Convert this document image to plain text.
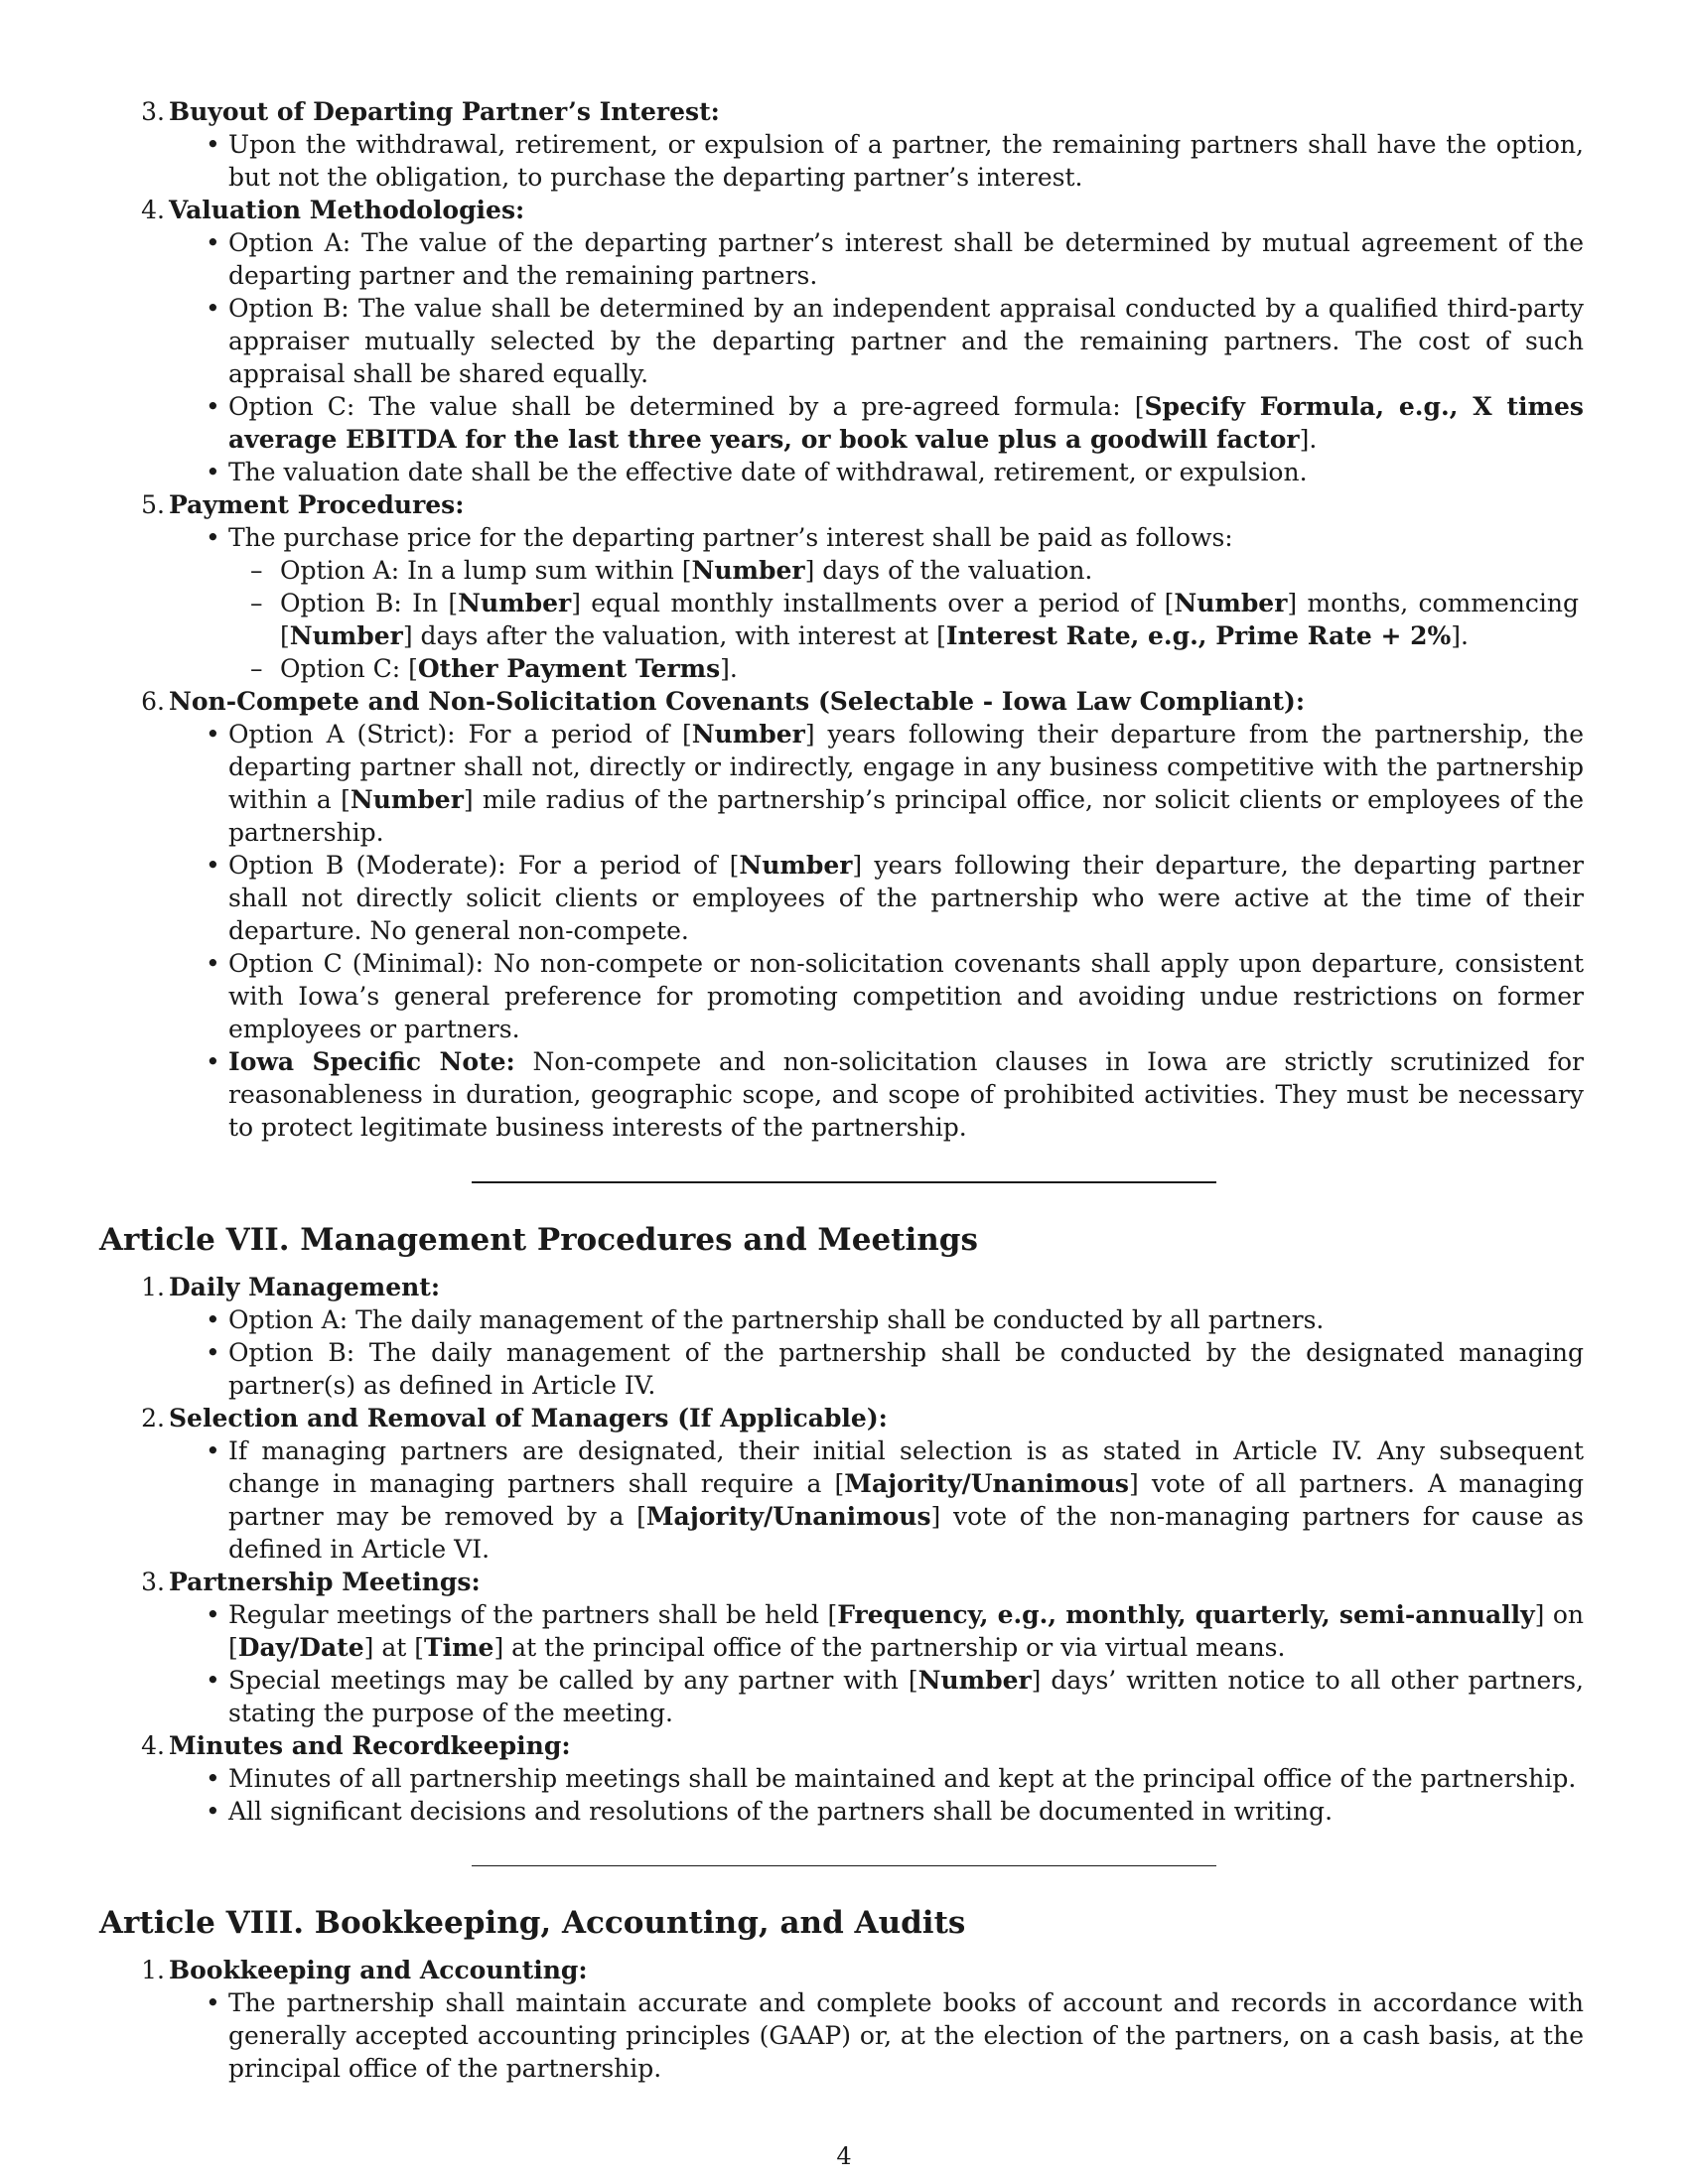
3. Buyout of Departing Partner’s Interest:
• Upon the withdrawal, retirement, or expulsion of a partner, the remaining partners shall have the option, but not the obligation, to purchase the departing partner’s interest.
4. Valuation Methodologies:
• Option A: The value of the departing partner’s interest shall be determined by mutual agreement of the departing partner and the remaining partners.
• Option B: The value shall be determined by an independent appraisal conducted by a qualified third-party appraiser mutually selected by the departing partner and the remaining partners. The cost of such appraisal shall be shared equally.
• Option C: The value shall be determined by a pre-agreed formula: [Specify Formula, e.g., X times average EBITDA for the last three years, or book value plus a goodwill factor].
• The valuation date shall be the effective date of withdrawal, retirement, or expulsion.
5. Payment Procedures:
• The purchase price for the departing partner’s interest shall be paid as follows:
– Option A: In a lump sum within [Number] days of the valuation.
– Option B: In [Number] equal monthly installments over a period of [Number] months, commencing [Number] days after the valuation, with interest at [Interest Rate, e.g., Prime Rate + 2%].
– Option C: [Other Payment Terms].
6. Non-Compete and Non-Solicitation Covenants (Selectable - Iowa Law Compliant):
• Option A (Strict): For a period of [Number] years following their departure from the partnership, the departing partner shall not, directly or indirectly, engage in any business competitive with the partnership within a [Number] mile radius of the partnership’s principal office, nor solicit clients or employees of the partnership.
• Option B (Moderate): For a period of [Number] years following their departure, the departing partner shall not directly solicit clients or employees of the partnership who were active at the time of their departure. No general non-compete.
• Option C (Minimal): No non-compete or non-solicitation covenants shall apply upon departure, consistent with Iowa’s general preference for promoting competition and avoiding undue restrictions on former employees or partners.
• Iowa Specific Note: Non-compete and non-solicitation clauses in Iowa are strictly scrutinized for reasonableness in duration, geographic scope, and scope of prohibited activities. They must be necessary to protect legitimate business interests of the partnership.
Article VII. Management Procedures and Meetings
1. Daily Management:
• Option A: The daily management of the partnership shall be conducted by all partners.
• Option B: The daily management of the partnership shall be conducted by the designated managing partner(s) as defined in Article IV.
2. Selection and Removal of Managers (If Applicable):
• If managing partners are designated, their initial selection is as stated in Article IV. Any subsequent change in managing partners shall require a [Majority/Unanimous] vote of all partners. A managing partner may be removed by a [Majority/Unanimous] vote of the non-managing partners for cause as defined in Article VI.
3. Partnership Meetings:
• Regular meetings of the partners shall be held [Frequency, e.g., monthly, quarterly, semi-annually] on [Day/Date] at [Time] at the principal office of the partnership or via virtual means.
• Special meetings may be called by any partner with [Number] days’ written notice to all other partners, stating the purpose of the meeting.
4. Minutes and Recordkeeping:
• Minutes of all partnership meetings shall be maintained and kept at the principal office of the partnership.
• All significant decisions and resolutions of the partners shall be documented in writing.
Article VIII. Bookkeeping, Accounting, and Audits
1. Bookkeeping and Accounting:
• The partnership shall maintain accurate and complete books of account and records in accordance with generally accepted accounting principles (GAAP) or, at the election of the partners, on a cash basis, at the principal office of the partnership.
4
